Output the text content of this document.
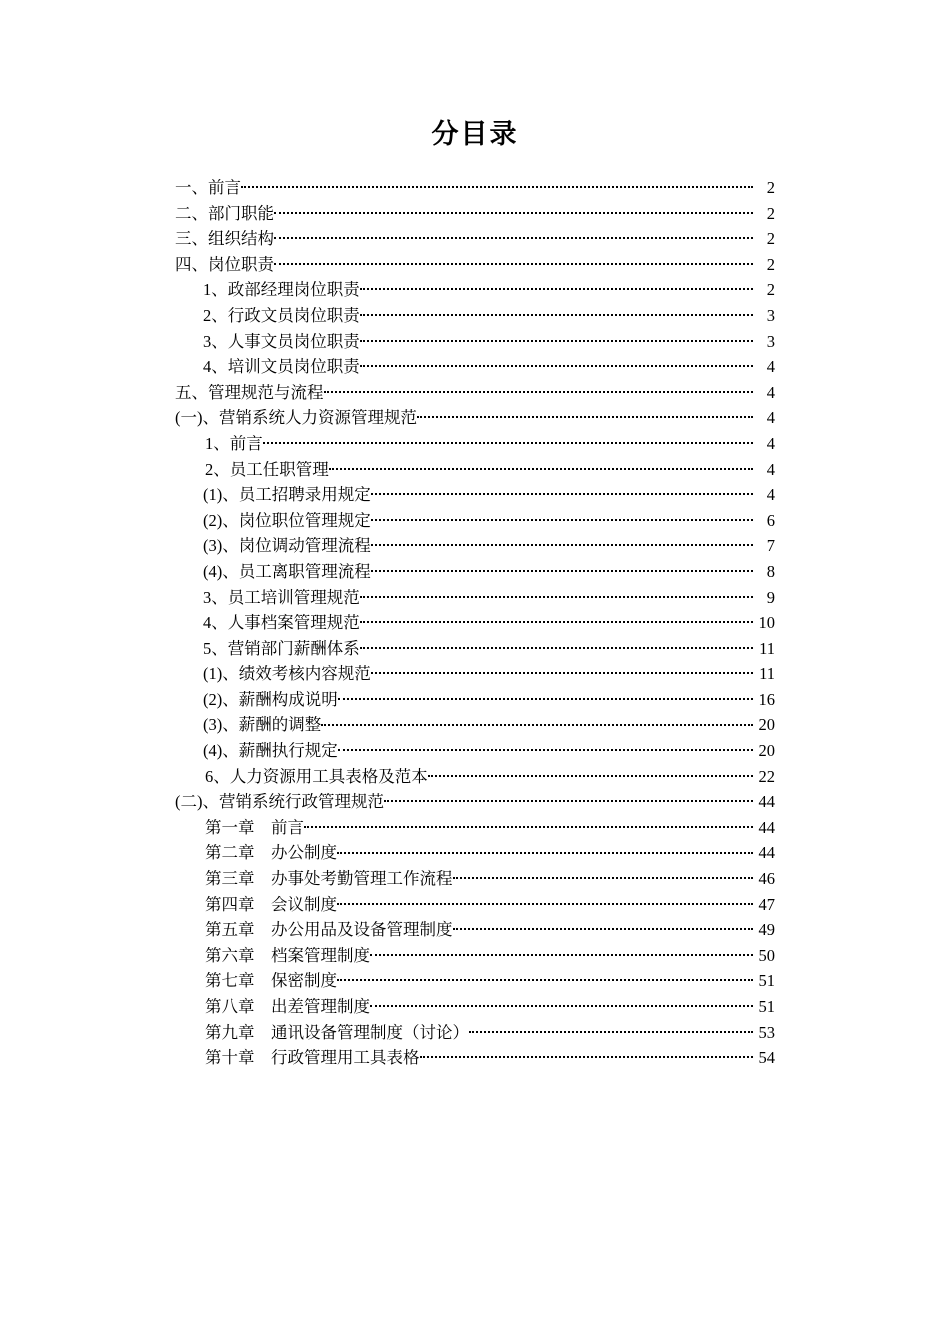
分目录
一、前言	2
二、部门职能	2
三、组织结构	2
四、岗位职责	2
1、政部经理岗位职责	2
2、行政文员岗位职责	3
3、人事文员岗位职责	3
4、培训文员岗位职责	4
五、管理规范与流程	4
(一)、营销系统人力资源管理规范	4
1、前言	4
2、员工任职管理	4
(1)、员工招聘录用规定	4
(2)、岗位职位管理规定	6
(3)、岗位调动管理流程	7
(4)、员工离职管理流程	8
3、员工培训管理规范	9
4、人事档案管理规范	10
5、营销部门薪酬体系	11
(1)、绩效考核内容规范	11
(2)、薪酬构成说明	16
(3)、薪酬的调整	20
(4)、薪酬执行规定	20
6、人力资源用工具表格及范本	22
(二)、营销系统行政管理规范	44
第一章　前言	44
第二章　办公制度	44
第三章　办事处考勤管理工作流程	46
第四章　会议制度	47
第五章　办公用品及设备管理制度	49
第六章　档案管理制度	50
第七章　保密制度	51
第八章　出差管理制度	51
第九章　通讯设备管理制度（讨论）	53
第十章　行政管理用工具表格	54
